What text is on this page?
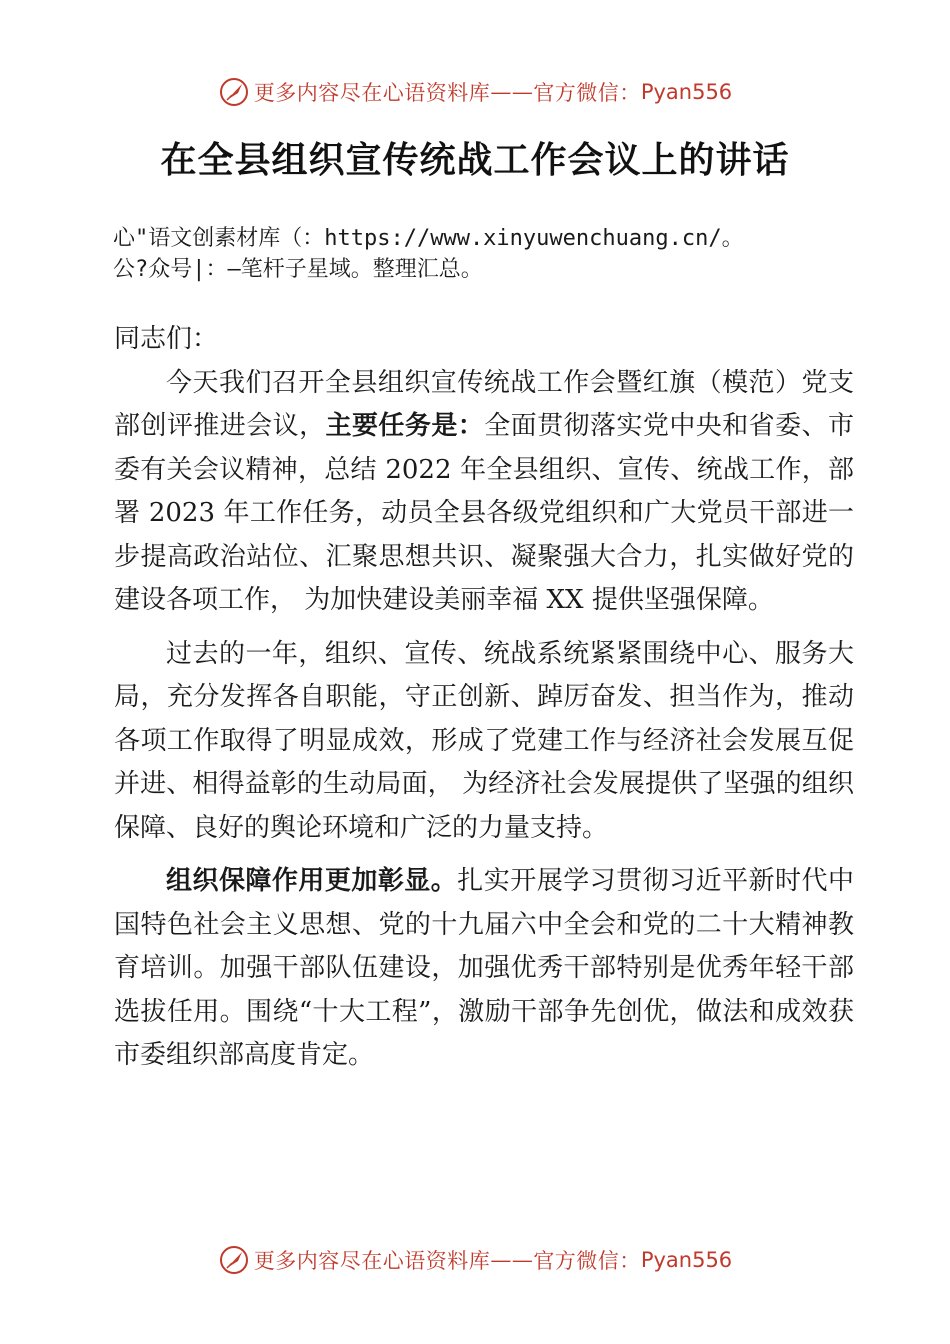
更多内容尽在心语资料库 —— 官方微信： Pyan556
在全县组织宣传统战工作会议上的讲话
心"语文创素材库（：https://www.xinyuwenchuang.cn/。
公?众号|：—笔杆子星域。整理汇总。

同志们：

今天我们召开全县组织宣传统战工作会暨红旗（模范）党支部创评推进会议，主要任务是：全面贯彻落实党中央和省委、市委有关会议精神，总结 2022 年全县组织、宣传、统战工作，部署 2023 年工作任务，动员全县各级党组织和广大党员干部进一步提高政治站位、汇聚思想共识、凝聚强大合力，扎实做好党的建设各项工作， 为加快建设美丽幸福 XX 提供坚强保障。

过去的一年，组织、宣传、统战系统紧紧围绕中心、服务大局，充分发挥各自职能，守正创新、踔厉奋发、担当作为，推动各项工作取得了明显成效，形成了党建工作与经济社会发展互促并进、相得益彰的生动局面， 为经济社会发展提供了坚强的组织保障、良好的舆论环境和广泛的力量支持。

组织保障作用更加彰显。扎实开展学习贯彻习近平新时代中国特色社会主义思想、党的十九届六中全会和党的二十大精神教育培训。加强干部队伍建设，加强优秀干部特别是优秀年轻干部选拔任用。围绕“十大工程”，激励干部争先创优，做法和成效获市委组织部高度肯定。

更多内容尽在心语资料库 —— 官方微信： Pyan556
